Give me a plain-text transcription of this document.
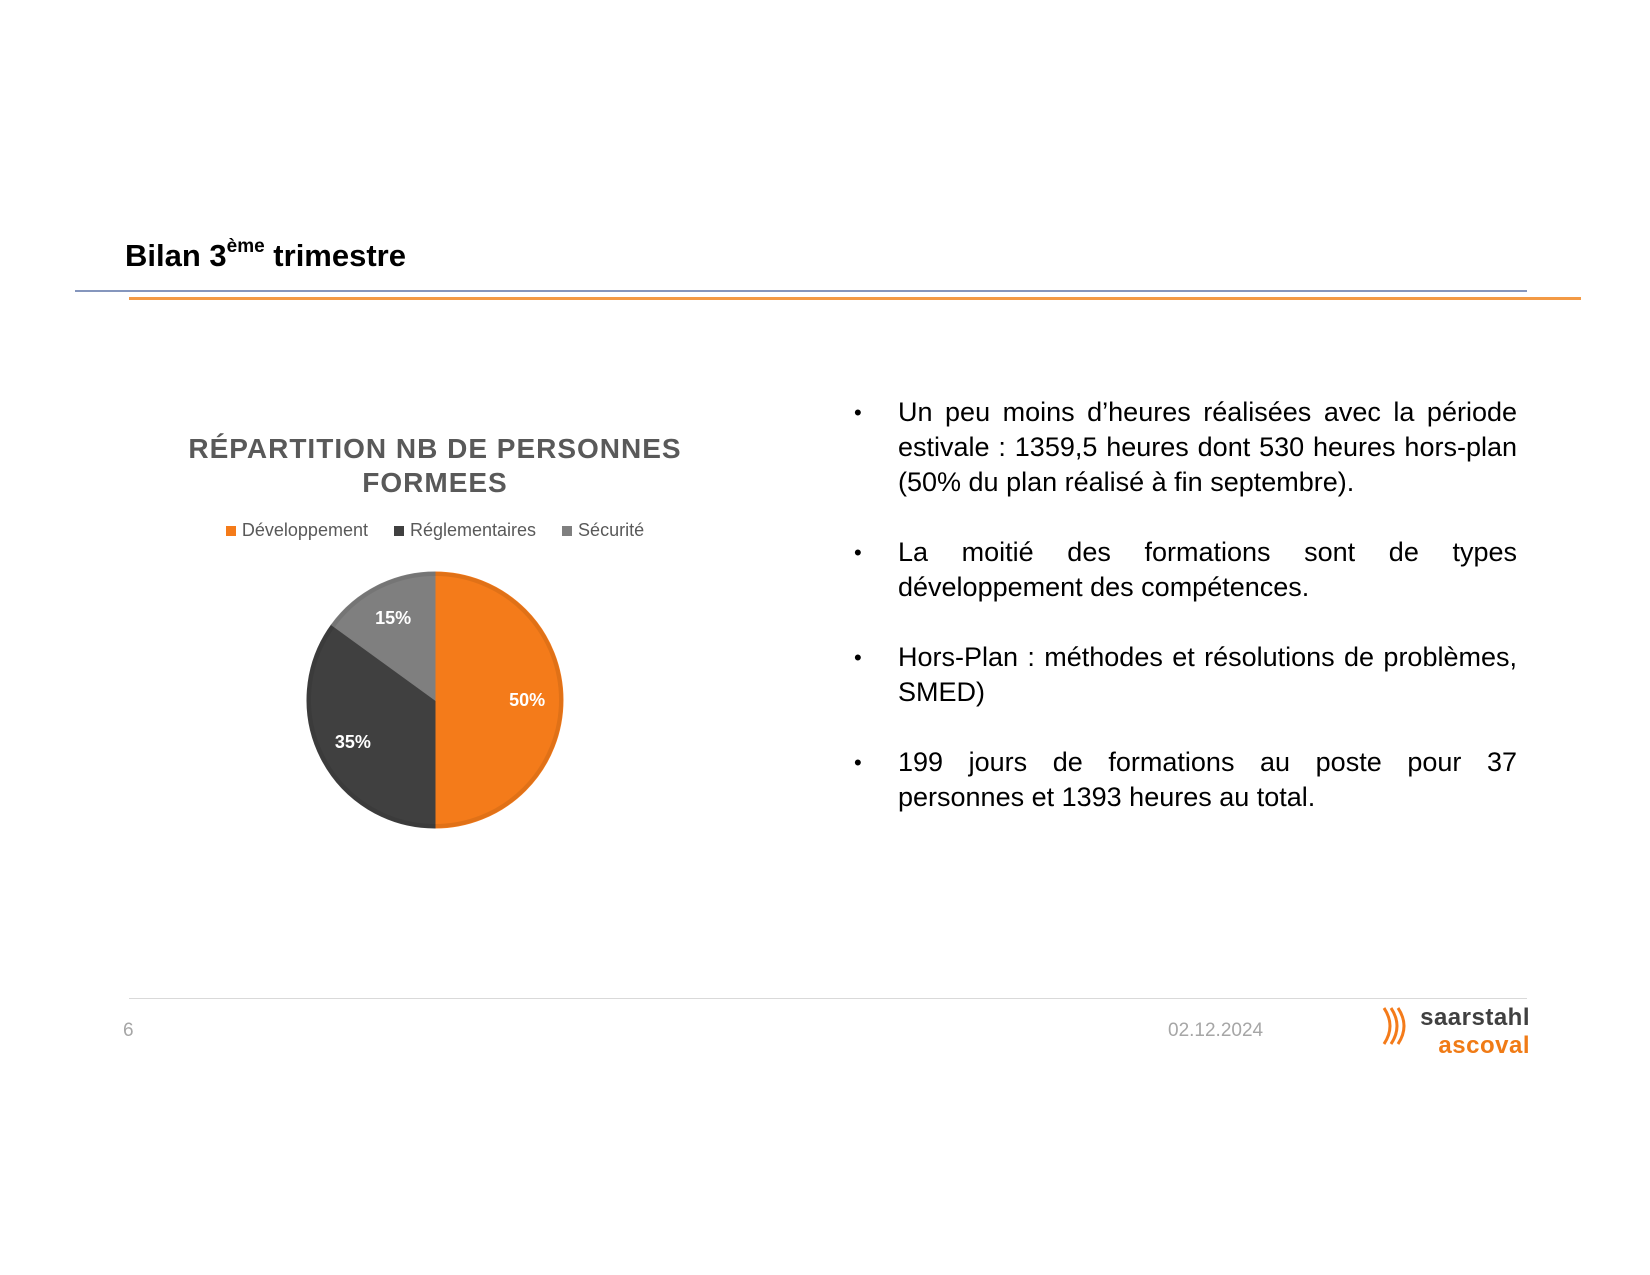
Bilan 3ème trimestre
RÉPARTITION NB DE PERSONNES FORMEES
Développement Réglementaires Sécurité
50%
35%
15%
• Un peu moins d’heures réalisées avec la période estivale : 1359,5 heures dont 530 heures hors-plan (50% du plan réalisé à fin septembre).
• La moitié des formations sont de types développement des compétences.
• Hors-Plan : méthodes et résolutions de problèmes, SMED)
• 199 jours de formations au poste pour 37 personnes et 1393 heures au total.
6	02.12.2024	saarstahl
ascoval
